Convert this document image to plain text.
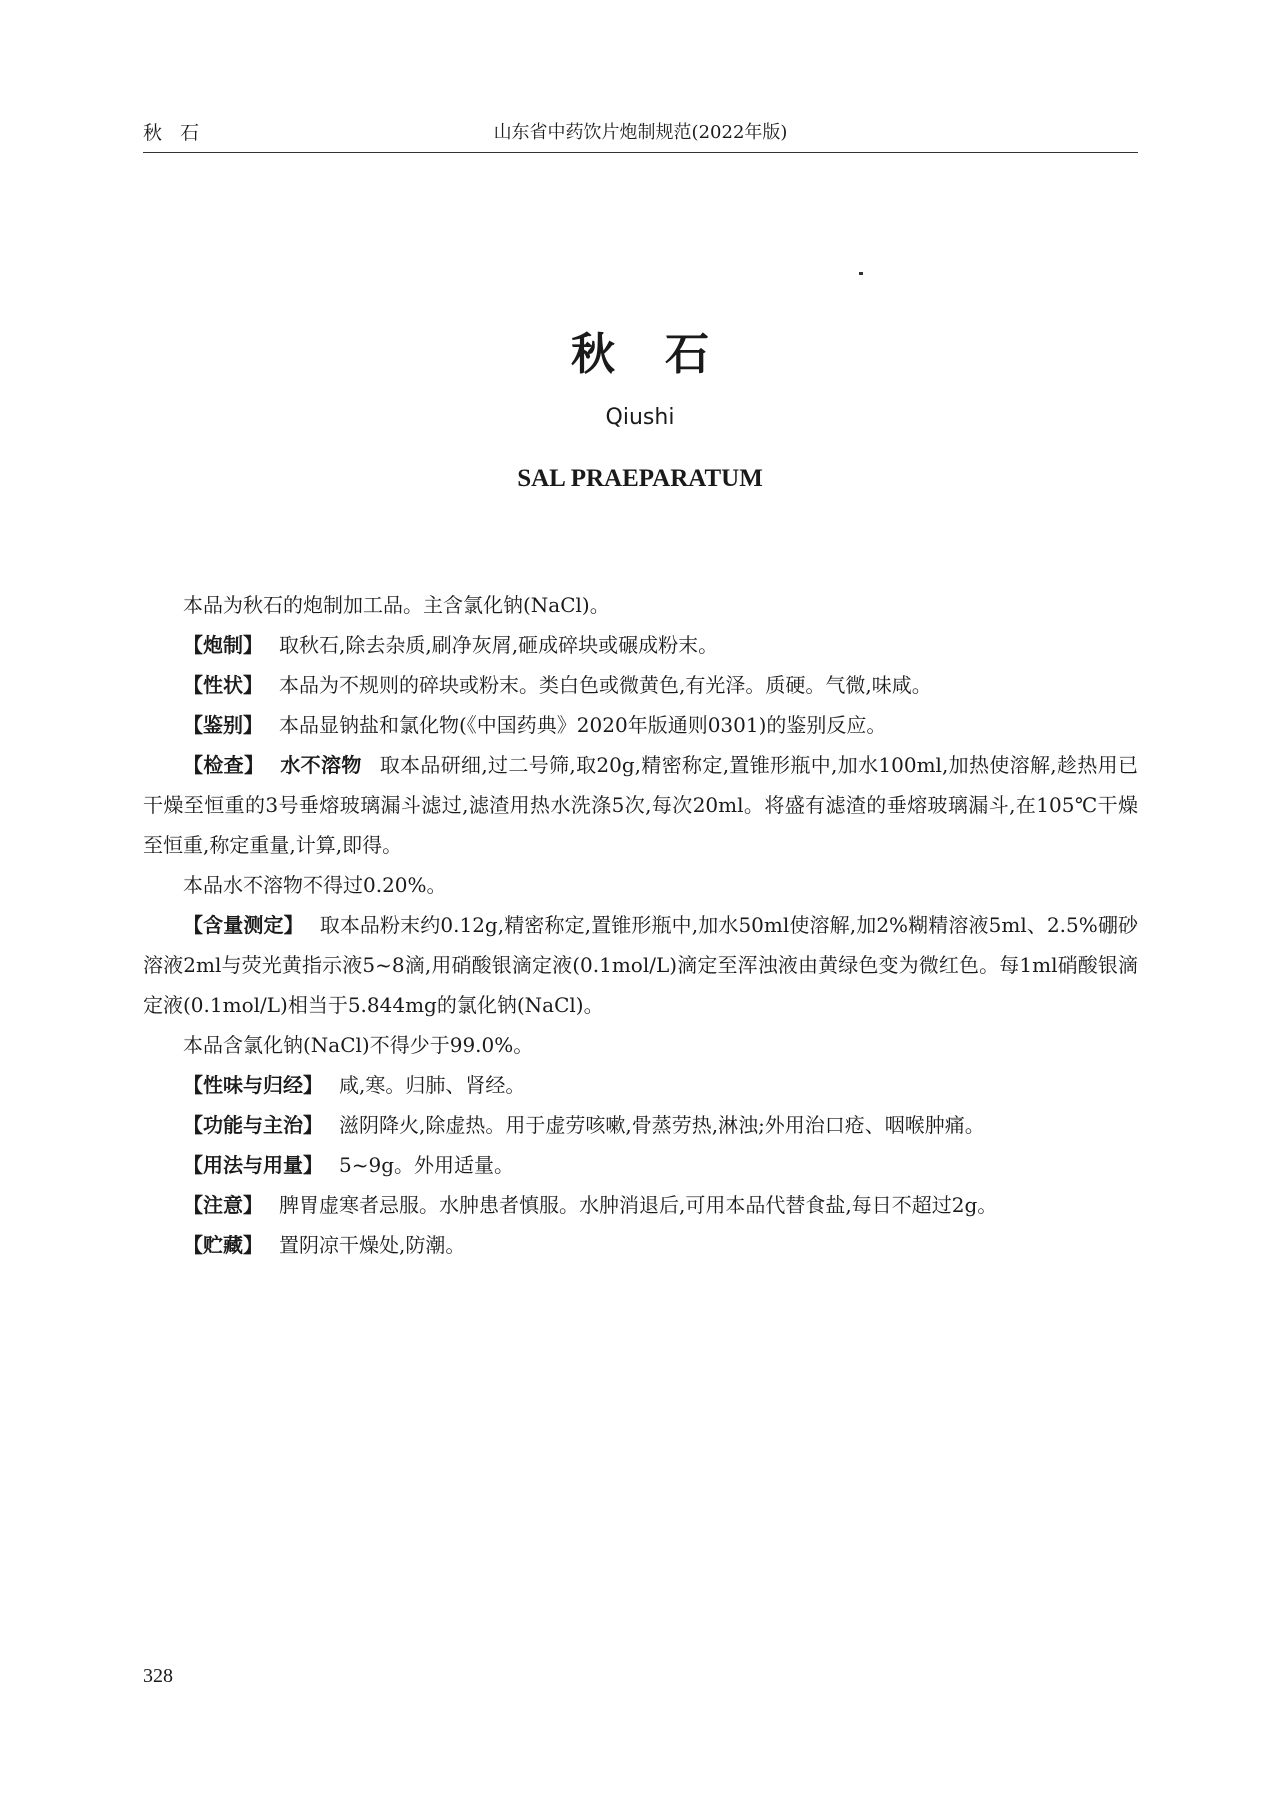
秋石	山东省中药饮片炮制规范(2022年版)
秋石
Qiushi
SAL PRAEPARATUM

本品为秋石的炮制加工品。主含氯化钠(NaCl)。

【炮制】 取秋石,除去杂质,刷净灰屑,砸成碎块或碾成粉末。

【性状】 本品为不规则的碎块或粉末。类白色或微黄色,有光泽。质硬。气微,味咸。

【鉴别】 本品显钠盐和氯化物(《中国药典》2020年版通则0301)的鉴别反应。

【检查】 水不溶物 取本品研细,过二号筛,取20g,精密称定,置锥形瓶中,加水100ml,加热使溶解,趁热用已干燥至恒重的3号垂熔玻璃漏斗滤过,滤渣用热水洗涤5次,每次20ml。将盛有滤渣的垂熔玻璃漏斗,在105℃干燥至恒重,称定重量,计算,即得。

本品水不溶物不得过0.20%。

【含量测定】 取本品粉末约0.12g,精密称定,置锥形瓶中,加水50ml使溶解,加2%糊精溶液5ml、2.5%硼砂溶液2ml与荧光黄指示液5~8滴,用硝酸银滴定液(0.1mol/L)滴定至浑浊液由黄绿色变为微红色。每1ml硝酸银滴定液(0.1mol/L)相当于5.844mg的氯化钠(NaCl)。

本品含氯化钠(NaCl)不得少于99.0%。

【性味与归经】 咸,寒。归肺、肾经。

【功能与主治】 滋阴降火,除虚热。用于虚劳咳嗽,骨蒸劳热,淋浊;外用治口疮、咽喉肿痛。

【用法与用量】 5~9g。外用适量。

【注意】 脾胃虚寒者忌服。水肿患者慎服。水肿消退后,可用本品代替食盐,每日不超过2g。

【贮藏】 置阴凉干燥处,防潮。

328
